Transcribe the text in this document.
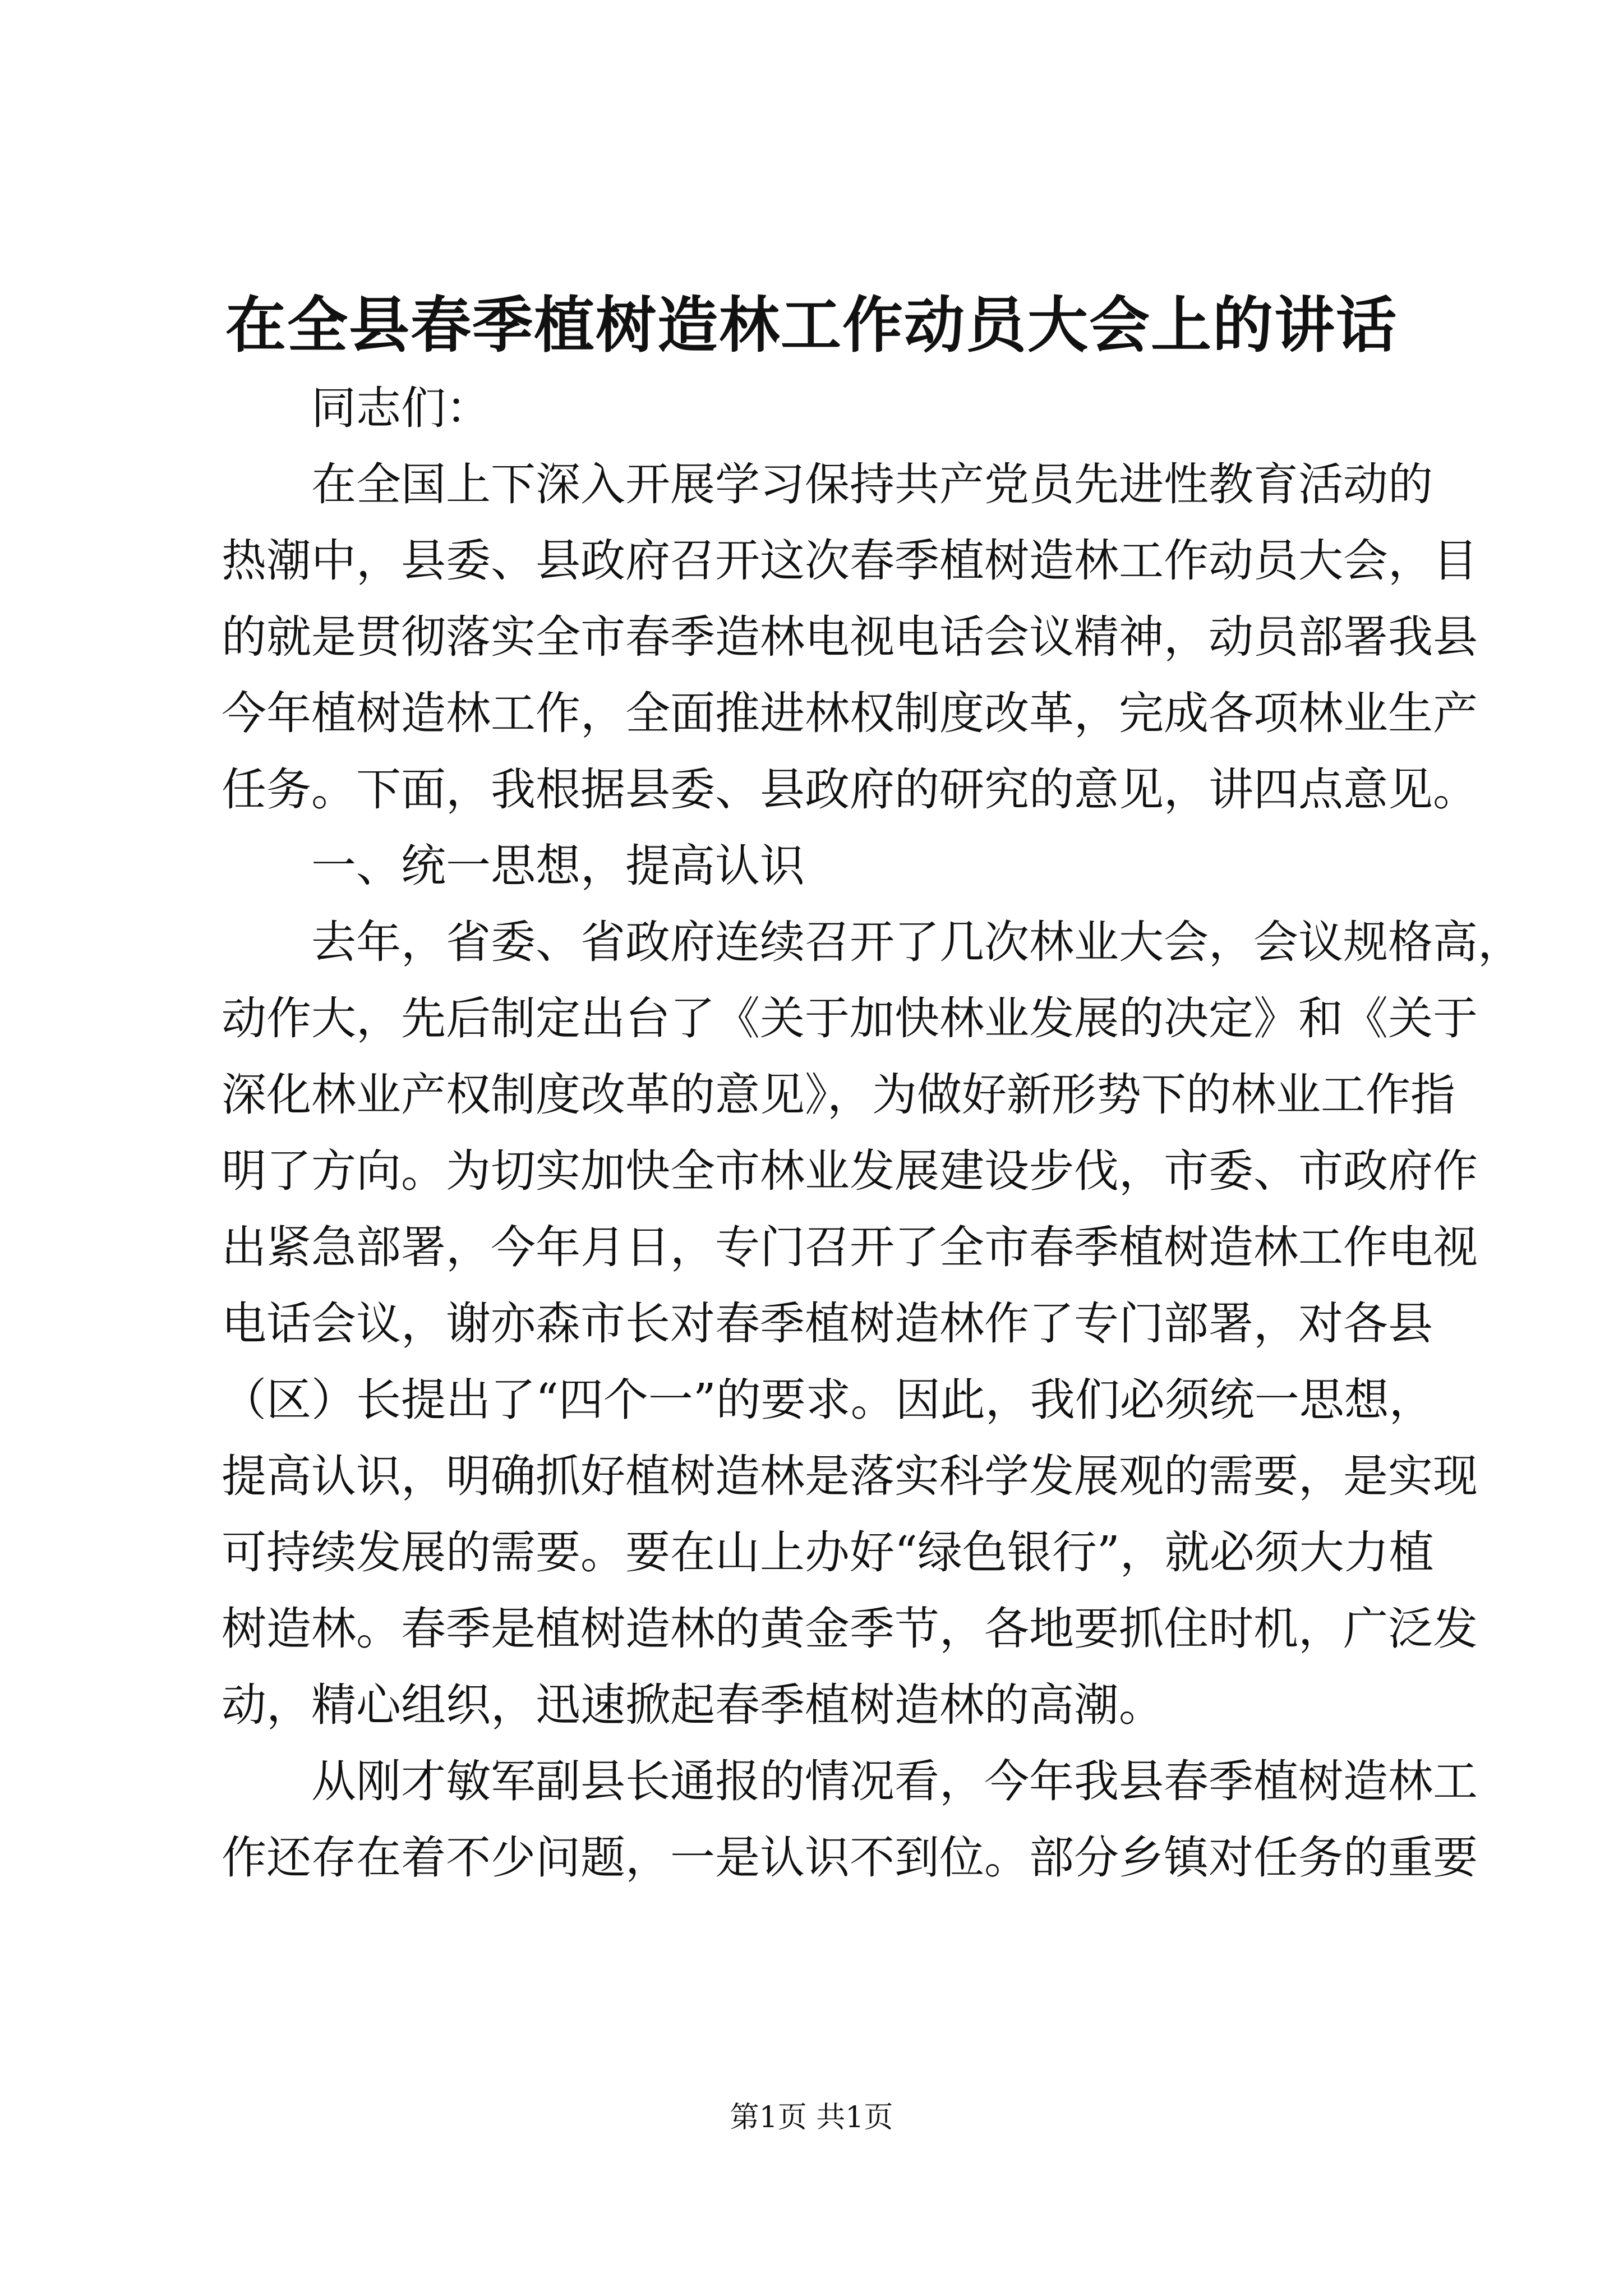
在全县春季植树造林工作动员大会上的讲话
同志们：
在全国上下深入开展学习保持共产党员先进性教育活动的
热潮中，县委、县政府召开这次春季植树造林工作动员大会，目
的就是贯彻落实全市春季造林电视电话会议精神，动员部署我县
今年植树造林工作，全面推进林权制度改革，完成各项林业生产
任务。下面，我根据县委、县政府的研究的意见，讲四点意见。
一、统一思想，提高认识
去年，省委、省政府连续召开了几次林业大会，会议规格高，
动作大，先后制定出台了《关于加快林业发展的决定》和《关于
深化林业产权制度改革的意见》，为做好新形势下的林业工作指
明了方向。为切实加快全市林业发展建设步伐，市委、市政府作
出紧急部署，今年月日，专门召开了全市春季植树造林工作电视
电话会议，谢亦森市长对春季植树造林作了专门部署，对各县
（区）长提出了“四个一”的要求。因此，我们必须统一思想，
提高认识，明确抓好植树造林是落实科学发展观的需要，是实现
可持续发展的需要。要在山上办好“绿色银行”，就必须大力植
树造林。春季是植树造林的黄金季节，各地要抓住时机，广泛发
动，精心组织，迅速掀起春季植树造林的高潮。
从刚才敏军副县长通报的情况看，今年我县春季植树造林工
作还存在着不少问题，一是认识不到位。部分乡镇对任务的重要
第1页 共1页
